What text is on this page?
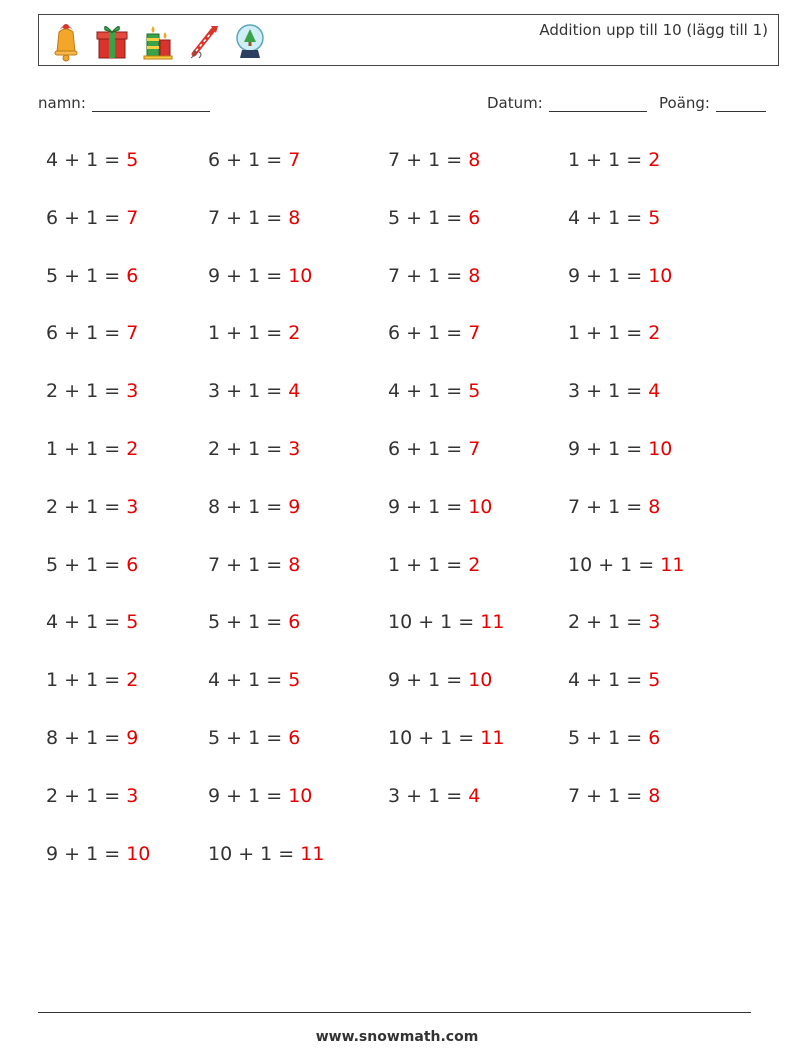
Addition upp till 10 (lägg till 1)
namn:	Datum:	Poäng:
4 + 1 = 5
6 + 1 = 7
5 + 1 = 6
6 + 1 = 7
2 + 1 = 3
1 + 1 = 2
2 + 1 = 3
5 + 1 = 6
4 + 1 = 5
1 + 1 = 2
8 + 1 = 9
2 + 1 = 3
9 + 1 = 10
6 + 1 = 7
7 + 1 = 8
9 + 1 = 10
1 + 1 = 2
3 + 1 = 4
2 + 1 = 3
8 + 1 = 9
7 + 1 = 8
5 + 1 = 6
4 + 1 = 5
5 + 1 = 6
9 + 1 = 10
10 + 1 = 11
7 + 1 = 8
5 + 1 = 6
7 + 1 = 8
6 + 1 = 7
4 + 1 = 5
6 + 1 = 7
9 + 1 = 10
1 + 1 = 2
10 + 1 = 11
9 + 1 = 10
10 + 1 = 11
3 + 1 = 4
1 + 1 = 2
4 + 1 = 5
9 + 1 = 10
1 + 1 = 2
3 + 1 = 4
9 + 1 = 10
7 + 1 = 8
10 + 1 = 11
2 + 1 = 3
4 + 1 = 5
5 + 1 = 6
7 + 1 = 8
www.snowmath.com
